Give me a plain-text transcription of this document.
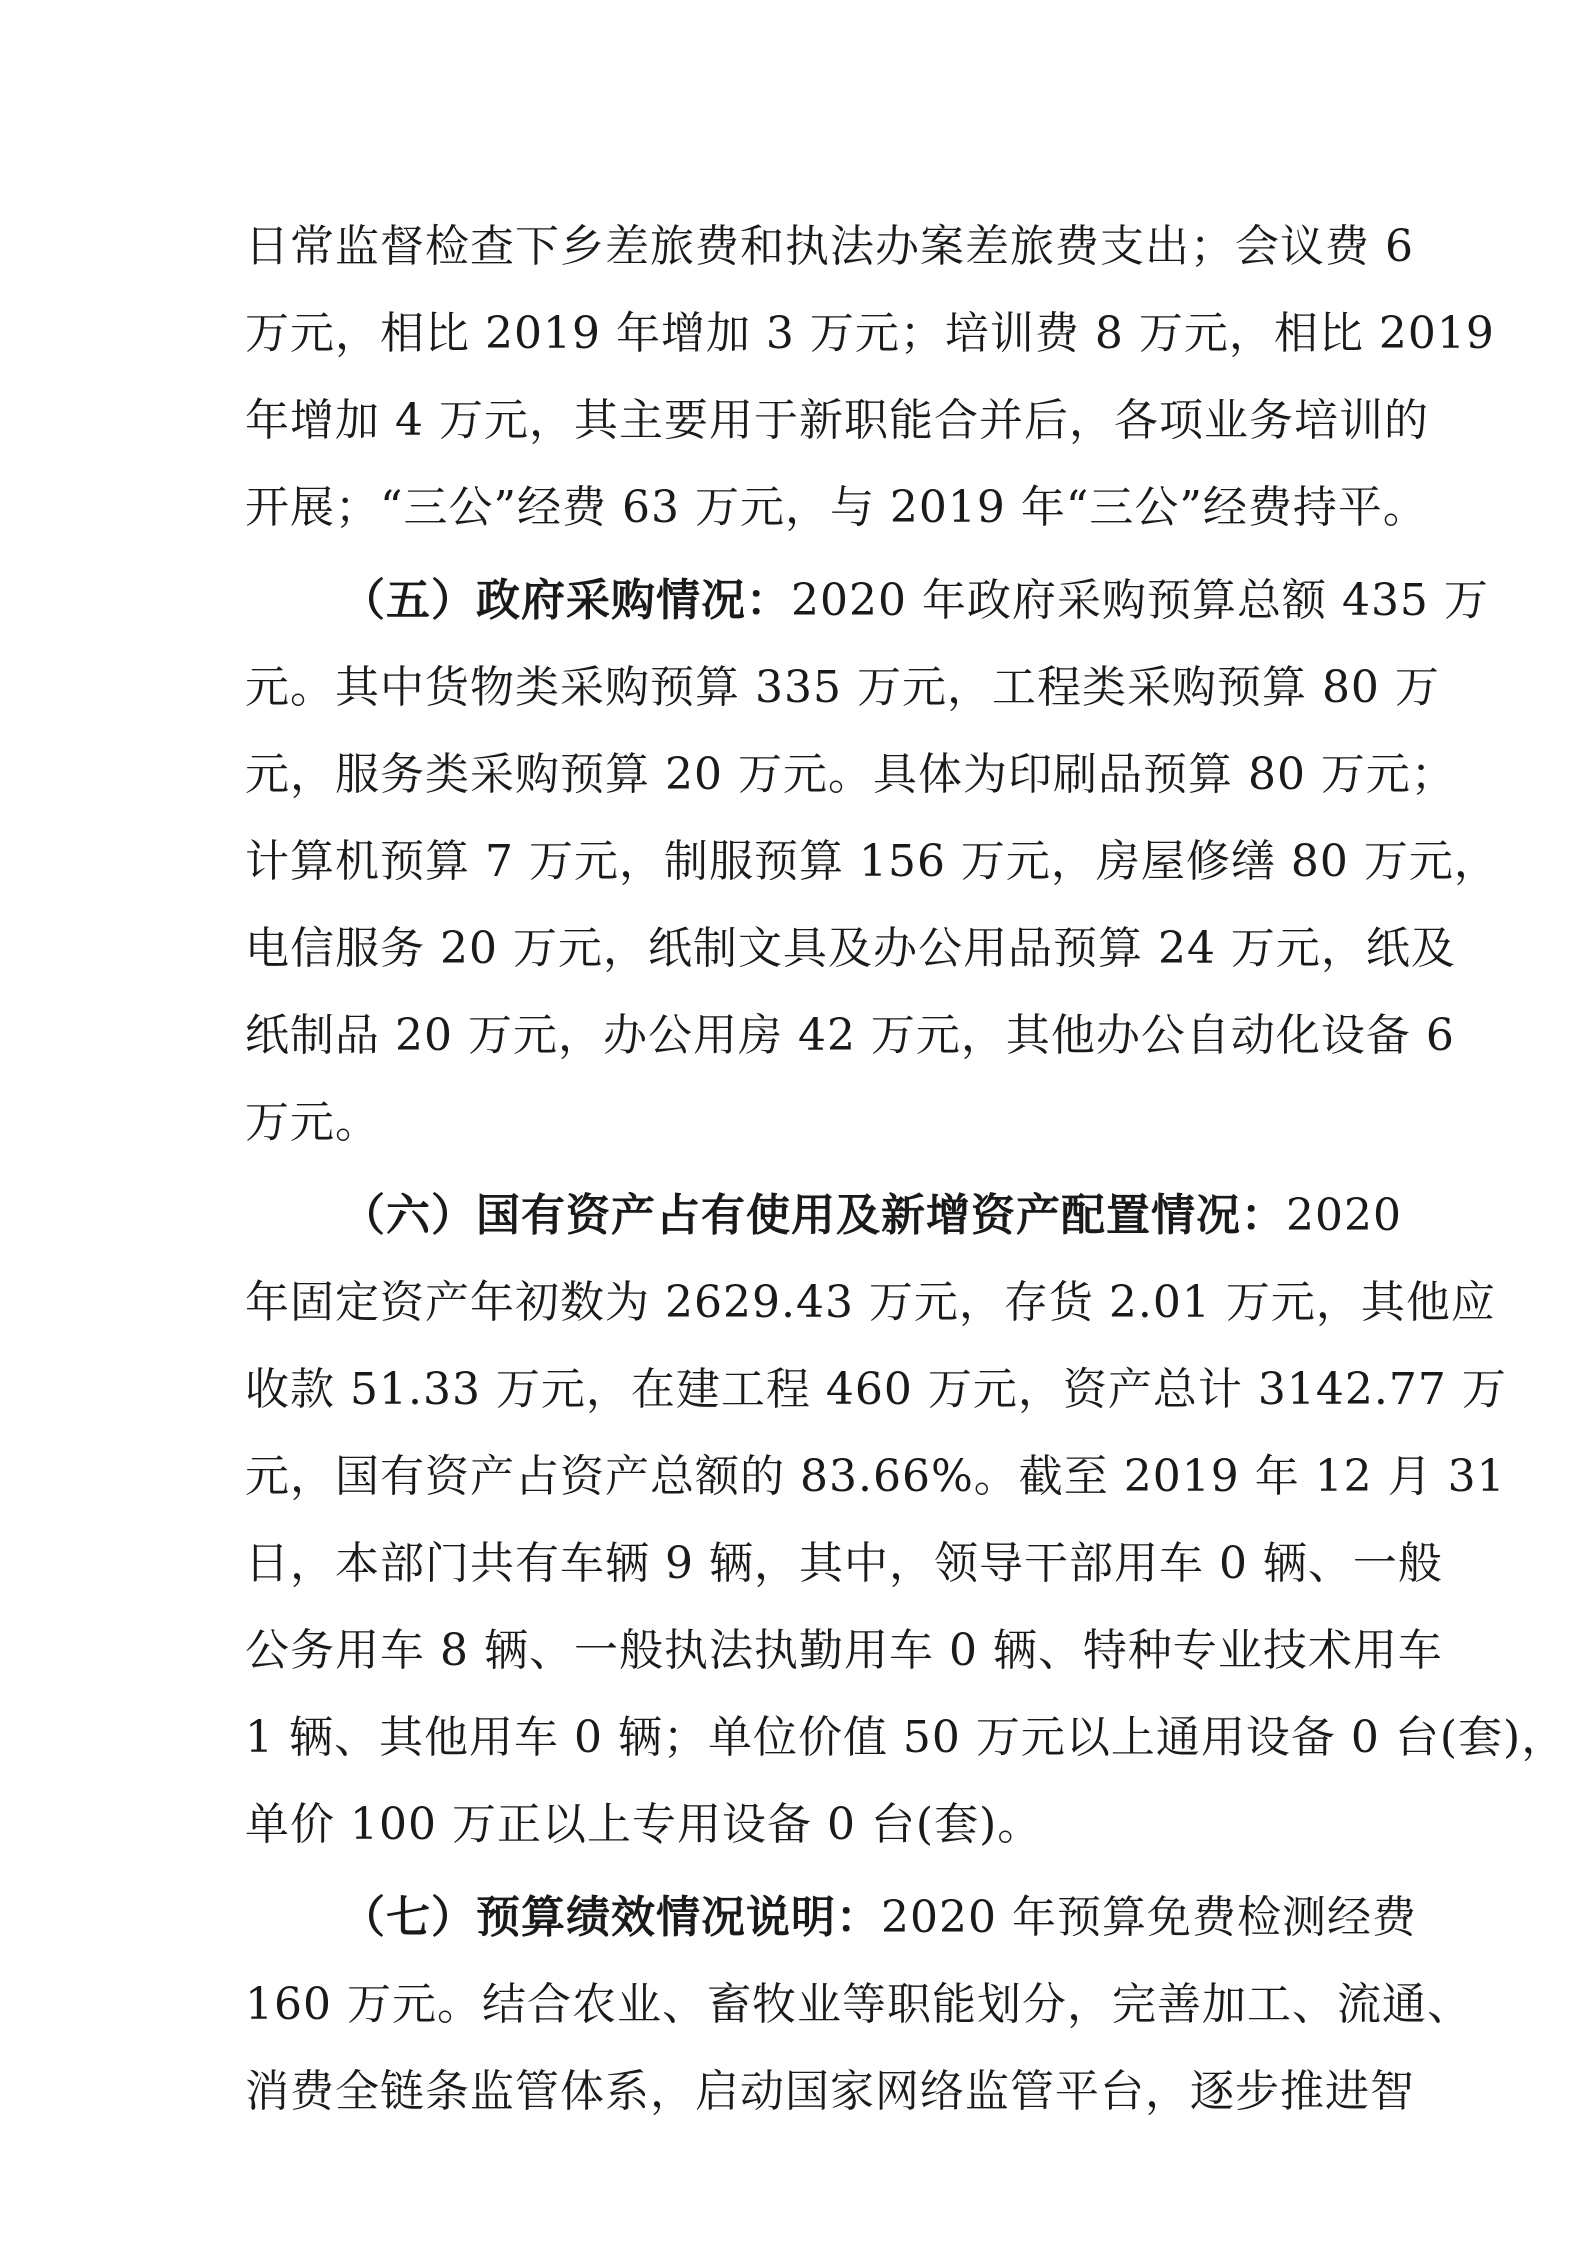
日常监督检查下乡差旅费和执法办案差旅费支出；会议费 6
万元，相比 2019 年增加 3 万元；培训费 8 万元，相比 2019
年增加 4 万元，其主要用于新职能合并后，各项业务培训的
开展；“三公”经费 63 万元，与 2019 年“三公”经费持平。
（五）政府采购情况：2020 年政府采购预算总额 435 万
元。其中货物类采购预算 335 万元，工程类采购预算 80 万
元，服务类采购预算 20 万元。具体为印刷品预算 80 万元；
计算机预算 7 万元，制服预算 156 万元，房屋修缮 80 万元，
电信服务 20 万元，纸制文具及办公用品预算 24 万元，纸及
纸制品 20 万元，办公用房 42 万元，其他办公自动化设备 6
万元。
（六）国有资产占有使用及新增资产配置情况：2020
年固定资产年初数为 2629.43 万元，存货 2.01 万元，其他应
收款 51.33 万元，在建工程 460 万元，资产总计 3142.77 万
元，国有资产占资产总额的 83.66%。截至 2019 年 12 月 31
日，本部门共有车辆 9 辆，其中，领导干部用车 0 辆、一般
公务用车 8 辆、一般执法执勤用车 0 辆、特种专业技术用车
1 辆、其他用车 0 辆；单位价值 50 万元以上通用设备 0 台(套)，
单价 100 万正以上专用设备 0 台(套)。
（七）预算绩效情况说明：2020 年预算免费检测经费
160 万元。结合农业、畜牧业等职能划分，完善加工、流通、
消费全链条监管体系，启动国家网络监管平台，逐步推进智
